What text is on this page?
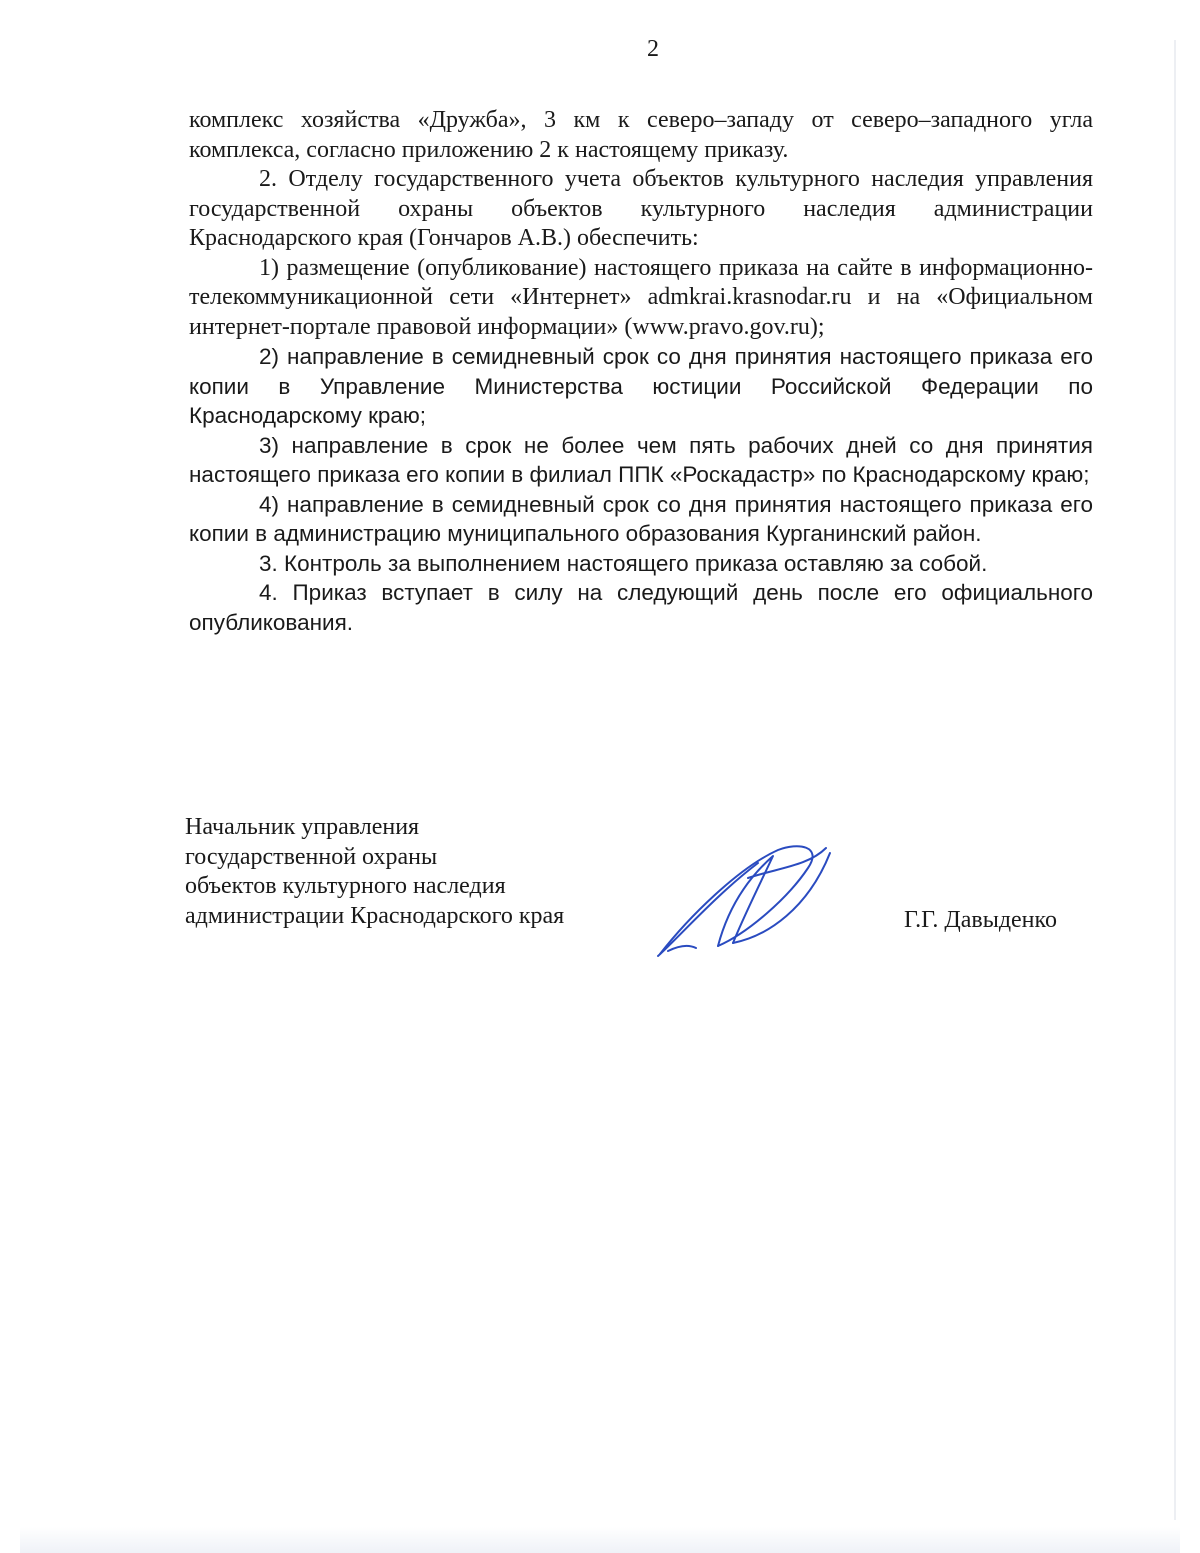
2

комплекс хозяйства «Дружба», 3 км к северо–западу от северо–западного угла комплекса, согласно приложению 2 к настоящему приказу.

2. Отделу государственного учета объектов культурного наследия управления государственной охраны объектов культурного наследия администрации Краснодарского края (Гончаров А.В.) обеспечить:

1) размещение (опубликование) настоящего приказа на сайте в информационно-телекоммуникационной сети «Интернет» admkrai.krasnodar.ru и на «Официальном интернет-портале правовой информации» (www.pravo.gov.ru);

2) направление в семидневный срок со дня принятия настоящего приказа его копии в Управление Министерства юстиции Российской Федерации по Краснодарскому краю;

3) направление в срок не более чем пять рабочих дней со дня принятия настоящего приказа его копии в филиал ППК «Роскадастр» по Краснодарскому краю;

4) направление в семидневный срок со дня принятия настоящего приказа его копии в администрацию муниципального образования Курганинский район.

3. Контроль за выполнением настоящего приказа оставляю за собой.

4. Приказ вступает в силу на следующий день после его официального опубликования.

Начальник управления
государственной охраны
объектов культурного наследия
администрации Краснодарского края	Г.Г. Давыденко
